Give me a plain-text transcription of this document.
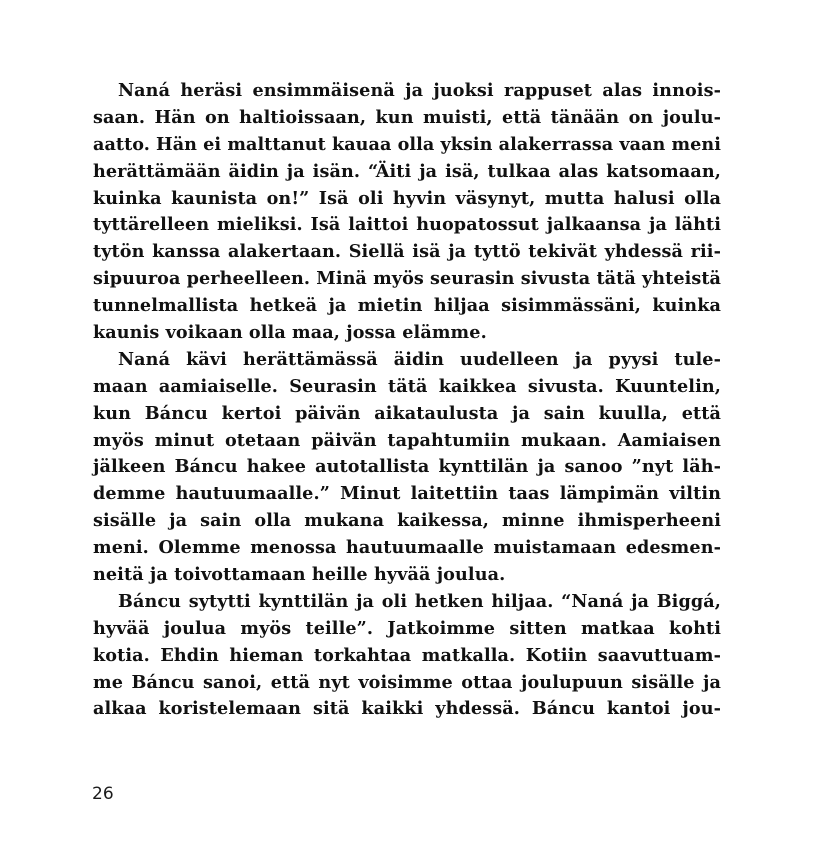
Naná heräsi ensimmäisenä ja juoksi rappuset alas innois-
saan. Hän on haltioissaan, kun muisti, että tänään on joulu-
aatto. Hän ei malttanut kauaa olla yksin alakerrassa vaan meni
herättämään äidin ja isän. “Äiti ja isä, tulkaa alas katsomaan,
kuinka kaunista on!” Isä oli hyvin väsynyt, mutta halusi olla
tyttärelleen mieliksi. Isä laittoi huopatossut jalkaansa ja lähti
tytön kanssa alakertaan. Siellä isä ja tyttö tekivät yhdessä rii-
sipuuroa perheelleen. Minä myös seurasin sivusta tätä yhteistä
tunnelmallista hetkeä ja mietin hiljaa sisimmässäni, kuinka
kaunis voikaan olla maa, jossa elämme.
Naná kävi herättämässä äidin uudelleen ja pyysi tule-
maan aamiaiselle. Seurasin tätä kaikkea sivusta. Kuuntelin,
kun Báncu kertoi päivän aikataulusta ja sain kuulla, että
myös minut otetaan päivän tapahtumiin mukaan. Aamiaisen
jälkeen Báncu hakee autotallista kynttilän ja sanoo ”nyt läh-
demme hautuumaalle.” Minut laitettiin taas lämpimän viltin
sisälle ja sain olla mukana kaikessa, minne ihmisperheeni
meni. Olemme menossa hautuumaalle muistamaan edesmen-
neitä ja toivottamaan heille hyvää joulua.
Báncu sytytti kynttilän ja oli hetken hiljaa. “Naná ja Biggá,
hyvää joulua myös teille”. Jatkoimme sitten matkaa kohti
kotia. Ehdin hieman torkahtaa matkalla. Kotiin saavuttuam-
me Báncu sanoi, että nyt voisimme ottaa joulupuun sisälle ja
alkaa koristelemaan sitä kaikki yhdessä. Báncu kantoi jou-
26
